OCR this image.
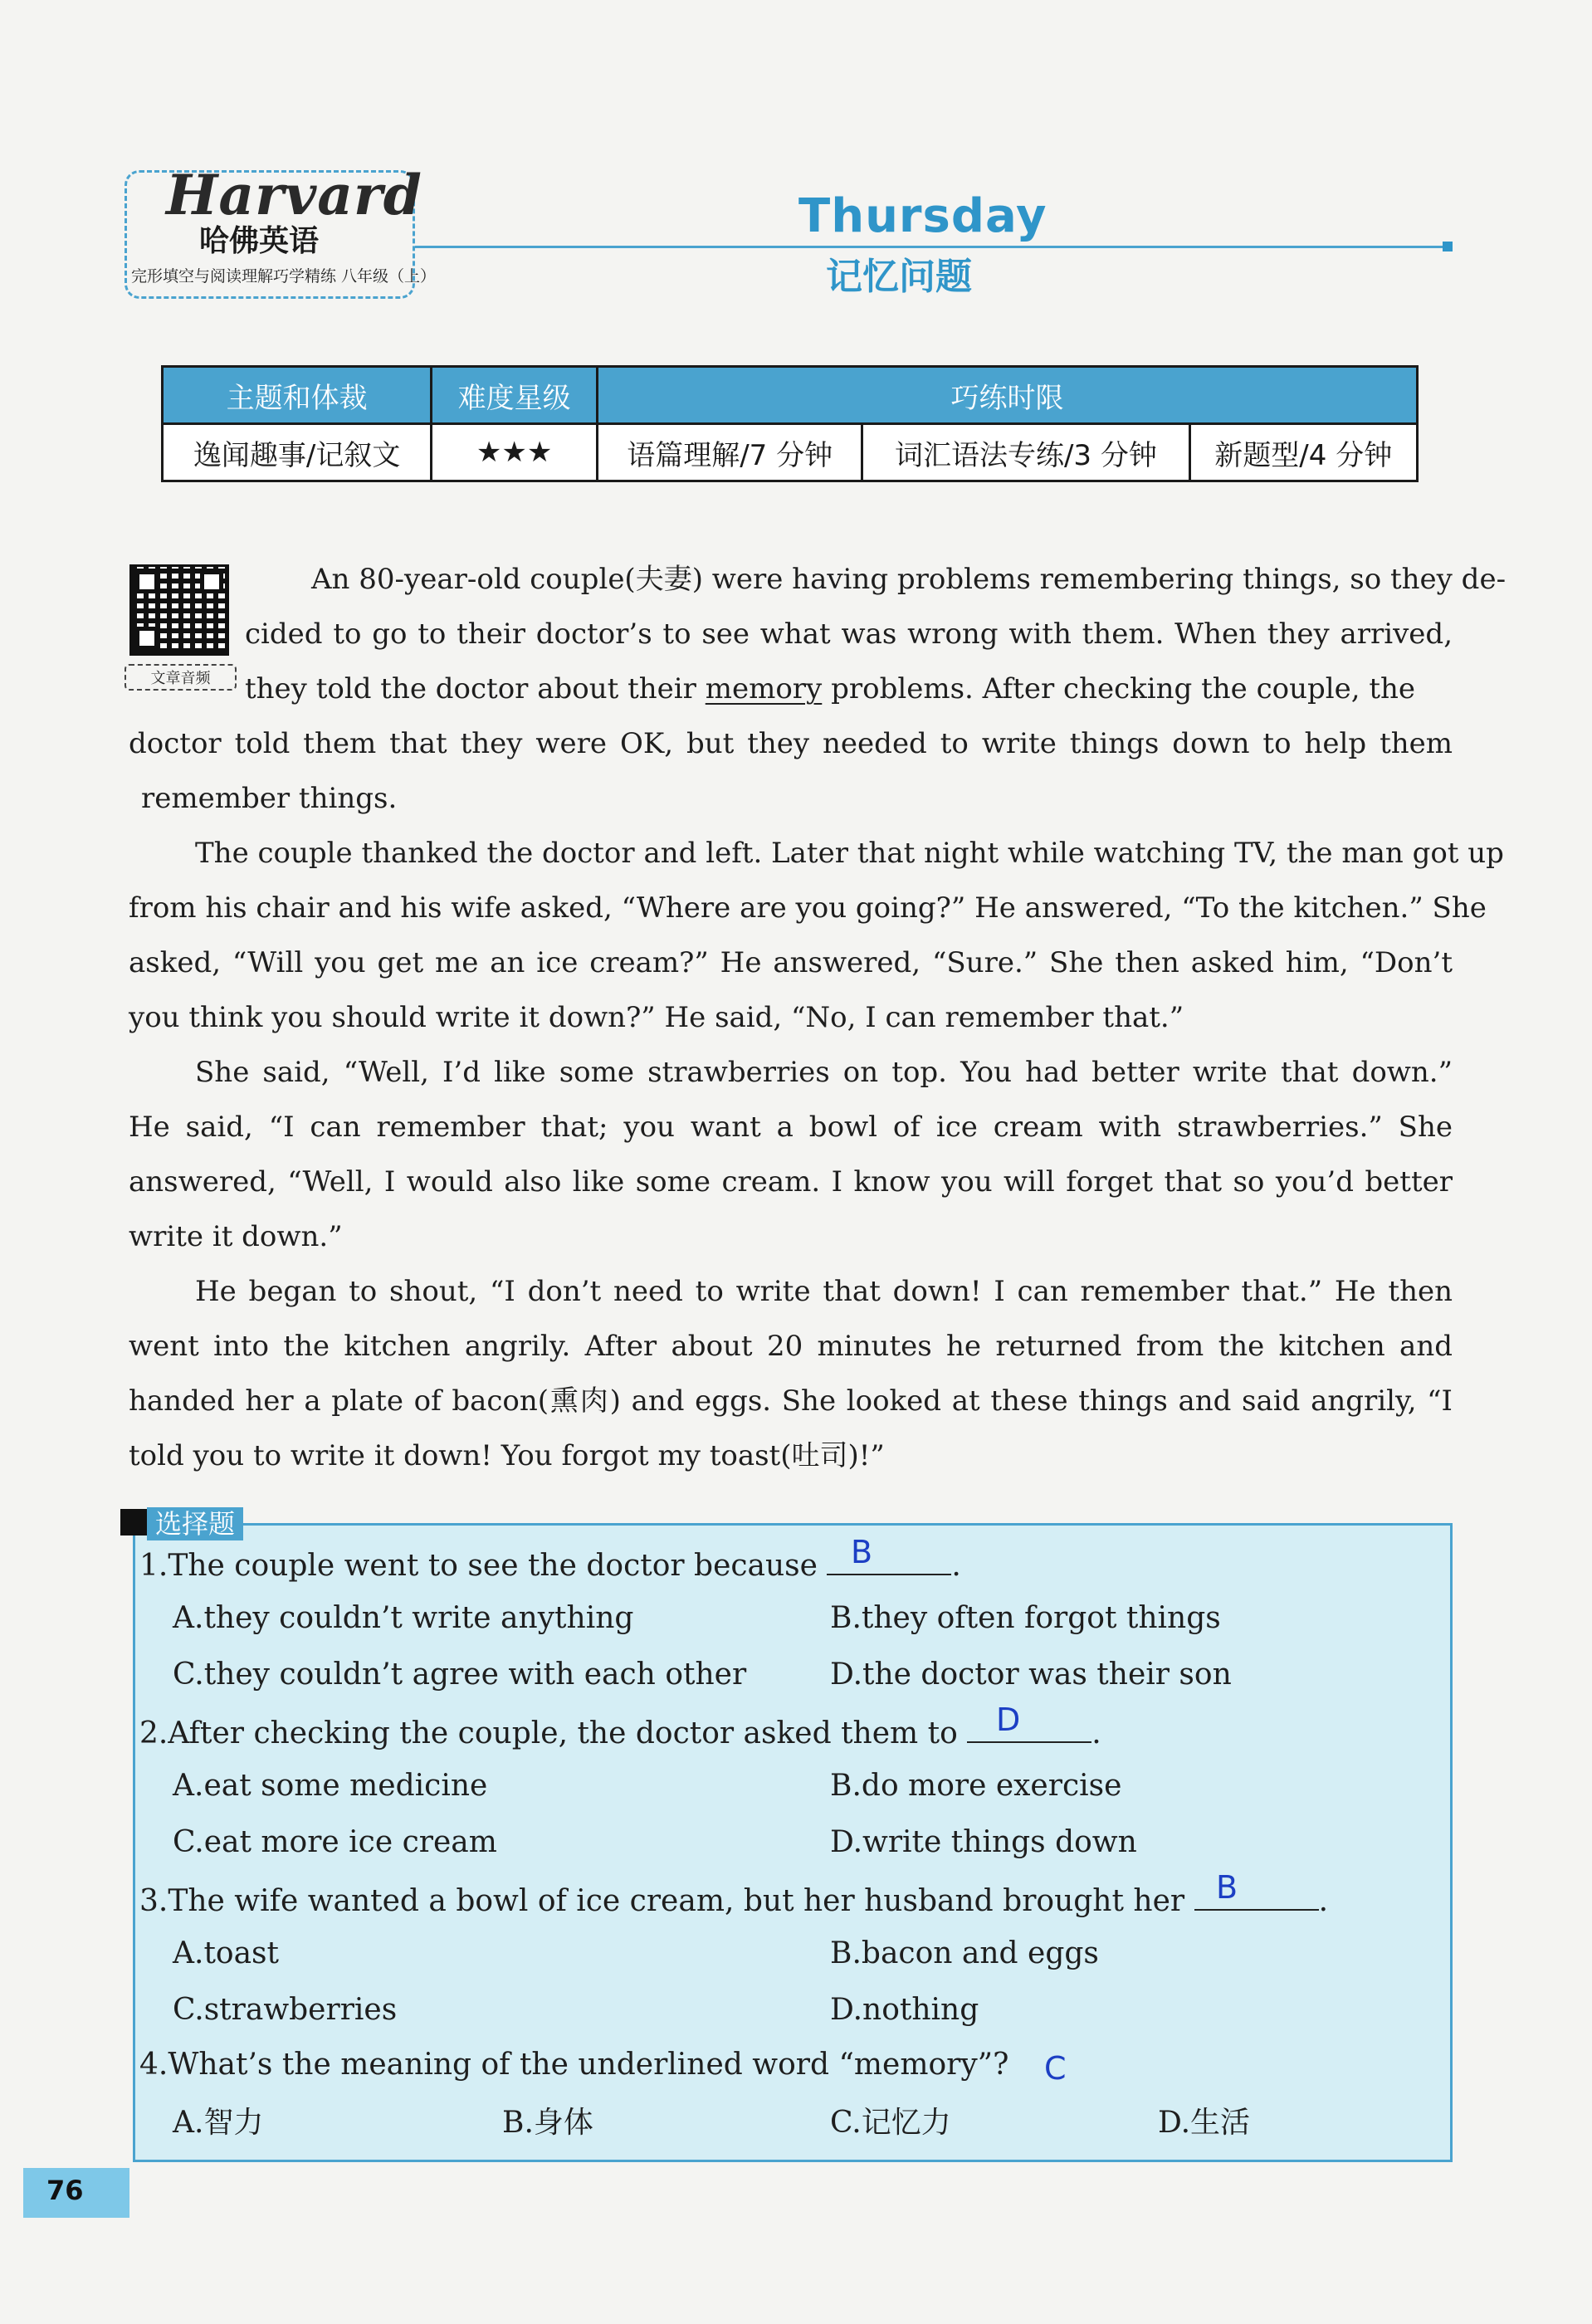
Harvard
哈佛英语
完形填空与阅读理解巧学精练 八年级（上）
Thursday
记忆问题
主题和体裁	难度星级	巧练时限		
逸闻趣事/记叙文	★★★	语篇理解/7 分钟	词汇语法专练/3 分钟	新题型/4 分钟
文章音频
An 80-year-old couple(夫妻) were having problems remembering things, so they de-
cided to go to their doctor’s to see what was wrong with them. When they arrived,
they told the doctor about their memory problems. After checking the couple, the
doctor told them that they were OK, but they needed to write things down to help them
remember things.
The couple thanked the doctor and left. Later that night while watching TV, the man got up
from his chair and his wife asked, “Where are you going?” He answered, “To the kitchen.” She
asked, “Will you get me an ice cream?” He answered, “Sure.” She then asked him, “Don’t
you think you should write it down?” He said, “No, I can remember that.”
She said, “Well, I’d like some strawberries on top. You had better write that down.”
He said, “I can remember that; you want a bowl of ice cream with strawberries.” She
answered, “Well, I would also like some cream. I know you will forget that so you’d better
write it down.”
He began to shout, “I don’t need to write that down! I can remember that.” He then
went into the kitchen angrily. After about 20 minutes he returned from the kitchen and
handed her a plate of bacon(熏肉) and eggs. She looked at these things and said angrily, “I
told you to write it down! You forgot my toast(吐司)!”
选择题
1.The couple went to see the doctor because	.
B
A.they couldn’t write anything	B.they often forgot things
C.they couldn’t agree with each other	D.the doctor was their son
2.After checking the couple, the doctor asked them to	.
D
A.eat some medicine	B.do more exercise
C.eat more ice cream	D.write things down
3.The wife wanted a bowl of ice cream, but her husband brought her	.
B
A.toast	B.bacon and eggs
C.strawberries	D.nothing
4.What’s the meaning of the underlined word “memory”? C
A.智力	B.身体	C.记忆力	D.生活
76
